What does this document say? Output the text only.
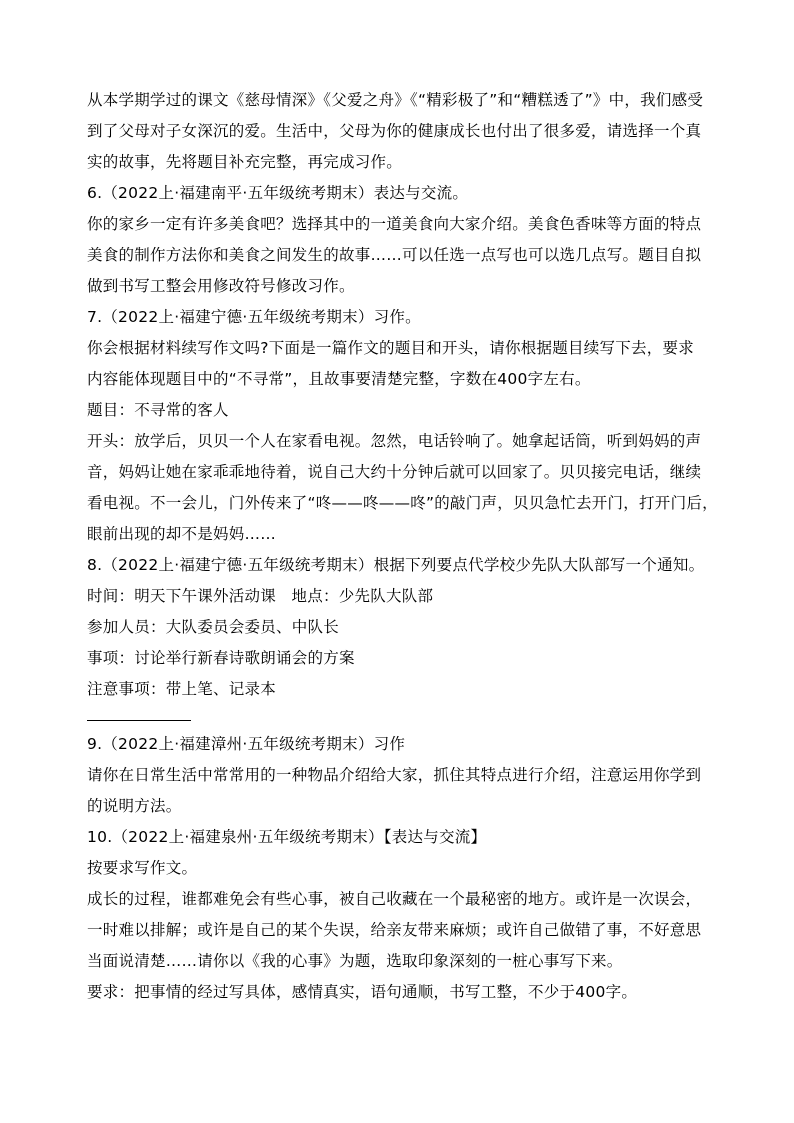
从本学期学过的课文《慈母情深》《父爱之舟》《“精彩极了”和“糟糕透了”》中，我们感受
到了父母对子女深沉的爱。生活中，父母为你的健康成长也付出了很多爱，请选择一个真
实的故事，先将题目补充完整，再完成习作。
6.（2022上·福建南平·五年级统考期末）表达与交流。
你的家乡一定有许多美食吧？选择其中的一道美食向大家介绍。美食色香味等方面的特点
美食的制作方法你和美食之间发生的故事……可以任选一点写也可以选几点写。题目自拟
做到书写工整会用修改符号修改习作。
7.（2022上·福建宁德·五年级统考期末）习作。
你会根据材料续写作文吗?下面是一篇作文的题目和开头，请你根据题目续写下去，要求
内容能体现题目中的“不寻常”，且故事要清楚完整，字数在400字左右。
题目：不寻常的客人
开头：放学后，贝贝一个人在家看电视。忽然，电话铃响了。她拿起话筒，听到妈妈的声
音，妈妈让她在家乖乖地待着，说自己大约十分钟后就可以回家了。贝贝接完电话，继续
看电视。不一会儿，门外传来了“咚——咚——咚”的敲门声，贝贝急忙去开门，打开门后，
眼前出现的却不是妈妈……
8.（2022上·福建宁德·五年级统考期末）根据下列要点代学校少先队大队部写一个通知。
时间：明天下午课外活动课   地点：少先队大队部
参加人员：大队委员会委员、中队长
事项：讨论举行新春诗歌朗诵会的方案
注意事项：带上笔、记录本
9.（2022上·福建漳州·五年级统考期末）习作
请你在日常生活中常常用的一种物品介绍给大家，抓住其特点进行介绍，注意运用你学到
的说明方法。
10.（2022上·福建泉州·五年级统考期末）【表达与交流】
按要求写作文。
成长的过程，谁都难免会有些心事，被自己收藏在一个最秘密的地方。或许是一次误会，
一时难以排解；或许是自己的某个失误，给亲友带来麻烦；或许自己做错了事，不好意思
当面说清楚……请你以《我的心事》为题，选取印象深刻的一桩心事写下来。
要求：把事情的经过写具体，感情真实，语句通顺，书写工整，不少于400字。
